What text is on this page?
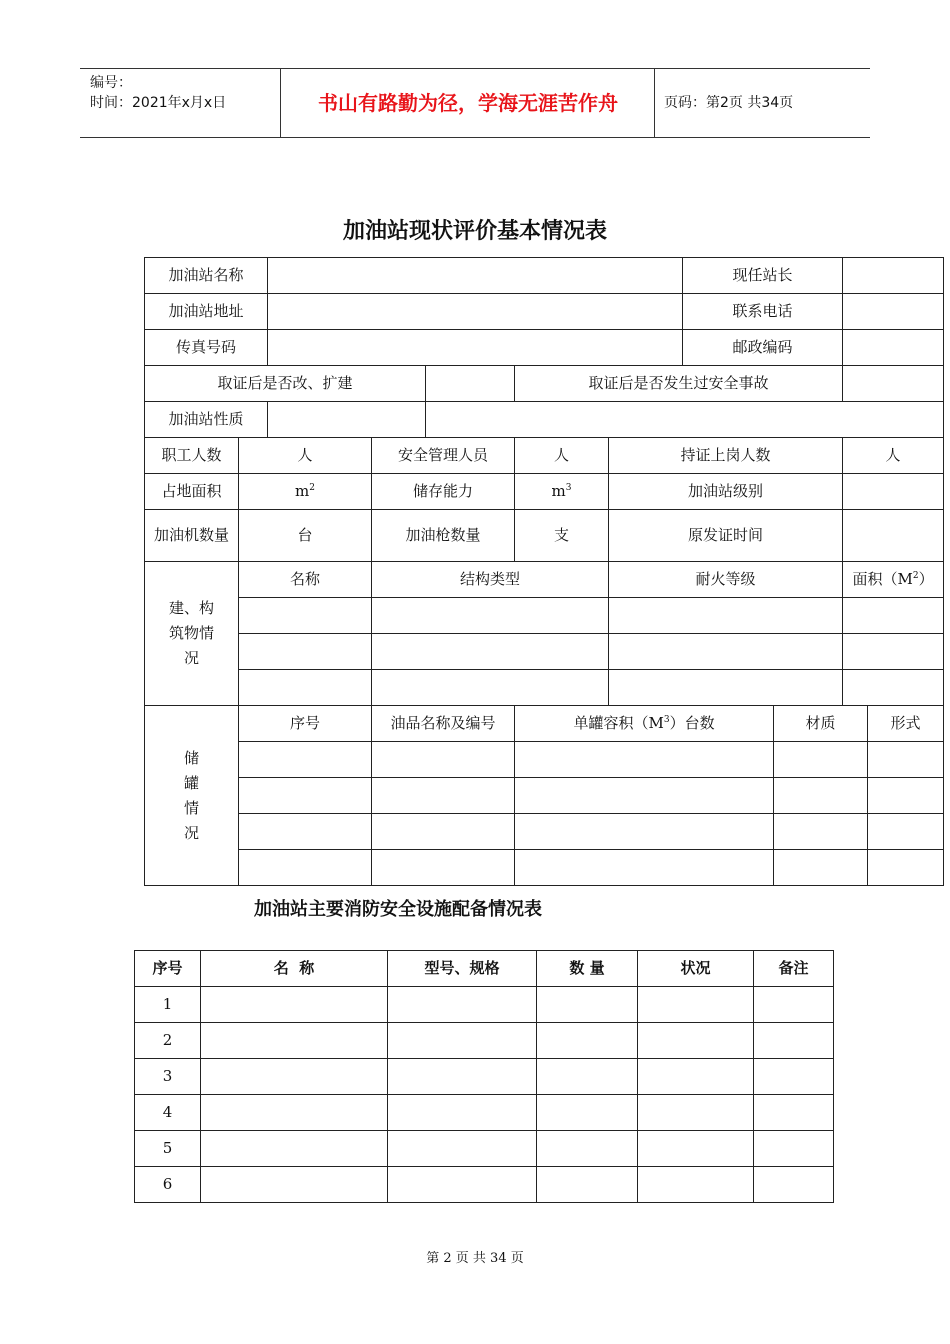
编号：
时间：2021年x月x日	书山有路勤为径，学海无涯苦作舟	页码：第2页 共34页
加油站现状评价基本情况表
加油站名称							现任站长			
加油站地址							联系电话			
传真号码							邮政编码			
取证后是否改、扩建					取证后是否发生过安全事故					
加油站性质										
职工人数	人		安全管理人员		人	持证上岗人数			人	
占地面积	$m^2$		储存能力		$m^3$	加油站级别				
加油机数量	台		加油枪数量		支	原发证时间				
建、构筑物情况	名称		结构类型			耐火等级			面积$(M^2)$	

储罐情况	序号		油品名称及编号		单罐容积$(M^3)$台数			材质		形式

加油站主要消防安全设施配备情况表
序号	名  称	型号、规格	数 量	状况	备注
1					
2					
3					
4					
5					
6					
第 2 页 共 34 页
